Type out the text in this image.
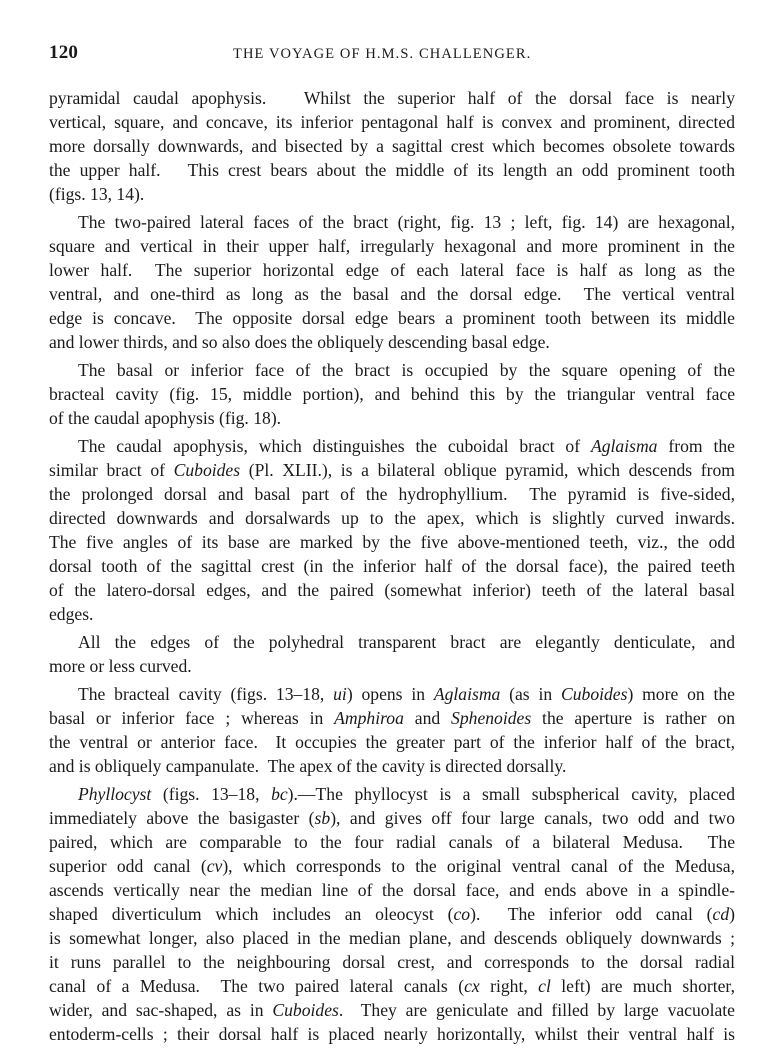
120	THE VOYAGE OF H.M.S. CHALLENGER.
pyramidal caudal apophysis.   Whilst the superior half of the dorsal face is nearly
vertical, square, and concave, its inferior pentagonal half is convex and prominent, directed
more dorsally downwards, and bisected by a sagittal crest which becomes obsolete towards
the upper half.   This crest bears about the middle of its length an odd prominent tooth
(figs. 13, 14).
The two-paired lateral faces of the bract (right, fig. 13 ; left, fig. 14) are hexagonal,
square and vertical in their upper half, irregularly hexagonal and more prominent in the
lower half.  The superior horizontal edge of each lateral face is half as long as the
ventral, and one-third as long as the basal and the dorsal edge.  The vertical ventral
edge is concave.  The opposite dorsal edge bears a prominent tooth between its middle
and lower thirds, and so also does the obliquely descending basal edge.
The basal or inferior face of the bract is occupied by the square opening of the
bracteal cavity (fig. 15, middle portion), and behind this by the triangular ventral face
of the caudal apophysis (fig. 18).
The caudal apophysis, which distinguishes the cuboidal bract of Aglaisma from the
similar bract of Cuboides (Pl. XLII.), is a bilateral oblique pyramid, which descends from
the prolonged dorsal and basal part of the hydrophyllium.  The pyramid is five-sided,
directed downwards and dorsalwards up to the apex, which is slightly curved inwards.
The five angles of its base are marked by the five above-mentioned teeth, viz., the odd
dorsal tooth of the sagittal crest (in the inferior half of the dorsal face), the paired teeth
of the latero-dorsal edges, and the paired (somewhat inferior) teeth of the lateral basal
edges.
All the edges of the polyhedral transparent bract are elegantly denticulate, and
more or less curved.
The bracteal cavity (figs. 13–18, ui) opens in Aglaisma (as in Cuboides) more on the
basal or inferior face ; whereas in Amphiroa and Sphenoides the aperture is rather on
the ventral or anterior face.  It occupies the greater part of the inferior half of the bract,
and is obliquely campanulate.  The apex of the cavity is directed dorsally.
Phyllocyst (figs. 13–18, bc).—The phyllocyst is a small subspherical cavity, placed
immediately above the basigaster (sb), and gives off four large canals, two odd and two
paired, which are comparable to the four radial canals of a bilateral Medusa.  The
superior odd canal (cv), which corresponds to the original ventral canal of the Medusa,
ascends vertically near the median line of the dorsal face, and ends above in a spindle-
shaped diverticulum which includes an oleocyst (co).  The inferior odd canal (cd)
is somewhat longer, also placed in the median plane, and descends obliquely downwards ;
it runs parallel to the neighbouring dorsal crest, and corresponds to the dorsal radial
canal of a Medusa.  The two paired lateral canals (cx right, cl left) are much shorter,
wider, and sac-shaped, as in Cuboides.  They are geniculate and filled by large vacuolate
entoderm-cells ; their dorsal half is placed nearly horizontally, whilst their ventral half is
